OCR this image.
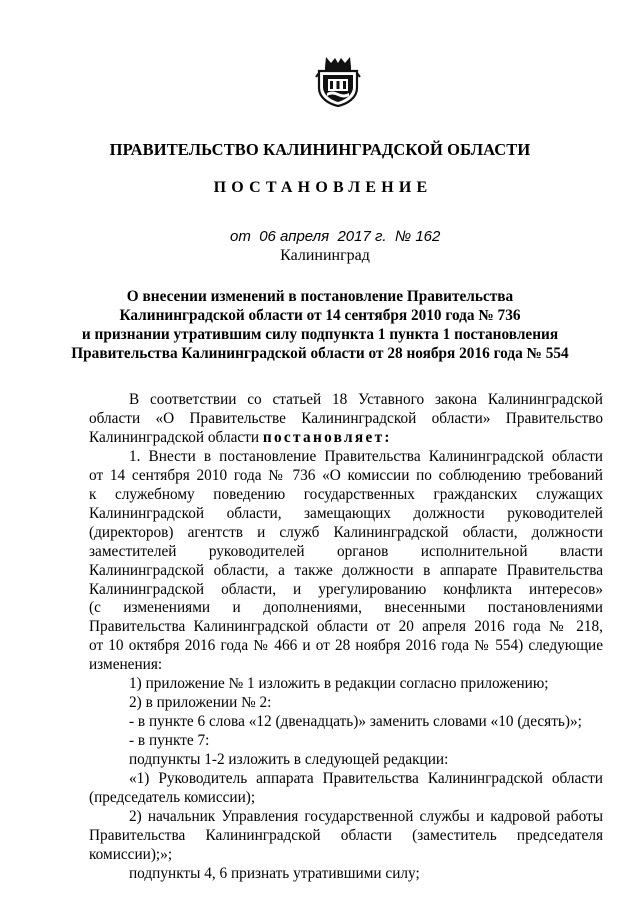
ПРАВИТЕЛЬСТВО КАЛИНИНГРАДСКОЙ ОБЛАСТИ
ПОСТАНОВЛЕНИЕ
от 06 апреля  2017 г. № 162
Калининград
О внесении изменений в постановление Правительства
Калининградской области от 14 сентября 2010 года № 736
и признании утратившим силу подпункта 1 пункта 1 постановления
Правительства Калининградской области от 28 ноября 2016 года № 554
В соответствии со статьей 18 Уставного закона Калининградской
области «О Правительстве Калининградской области» Правительство
Калининградской области постановляет:
1. Внести в постановление Правительства Калининградской области
от 14 сентября 2010 года № 736 «О комиссии по соблюдению требований
к служебному поведению государственных гражданских служащих
Калининградской области, замещающих должности руководителей
(директоров) агентств и служб Калининградской области, должности
заместителей руководителей органов исполнительной власти
Калининградской области, а также должности в аппарате Правительства
Калининградской области, и урегулированию конфликта интересов»
(с изменениями и дополнениями, внесенными постановлениями
Правительства Калининградской области от 20 апреля 2016 года № 218,
от 10 октября 2016 года № 466 и от 28 ноября 2016 года № 554) следующие
изменения:
1) приложение № 1 изложить в редакции согласно приложению;
2) в приложении № 2:
- в пункте 6 слова «12 (двенадцать)» заменить словами «10 (десять)»;
- в пункте 7:
подпункты 1-2 изложить в следующей редакции:
«1) Руководитель аппарата Правительства Калининградской области
(председатель комиссии);
2) начальник Управления государственной службы и кадровой работы
Правительства Калининградской области (заместитель председателя
комиссии);»;
подпункты 4, 6 признать утратившими силу;
